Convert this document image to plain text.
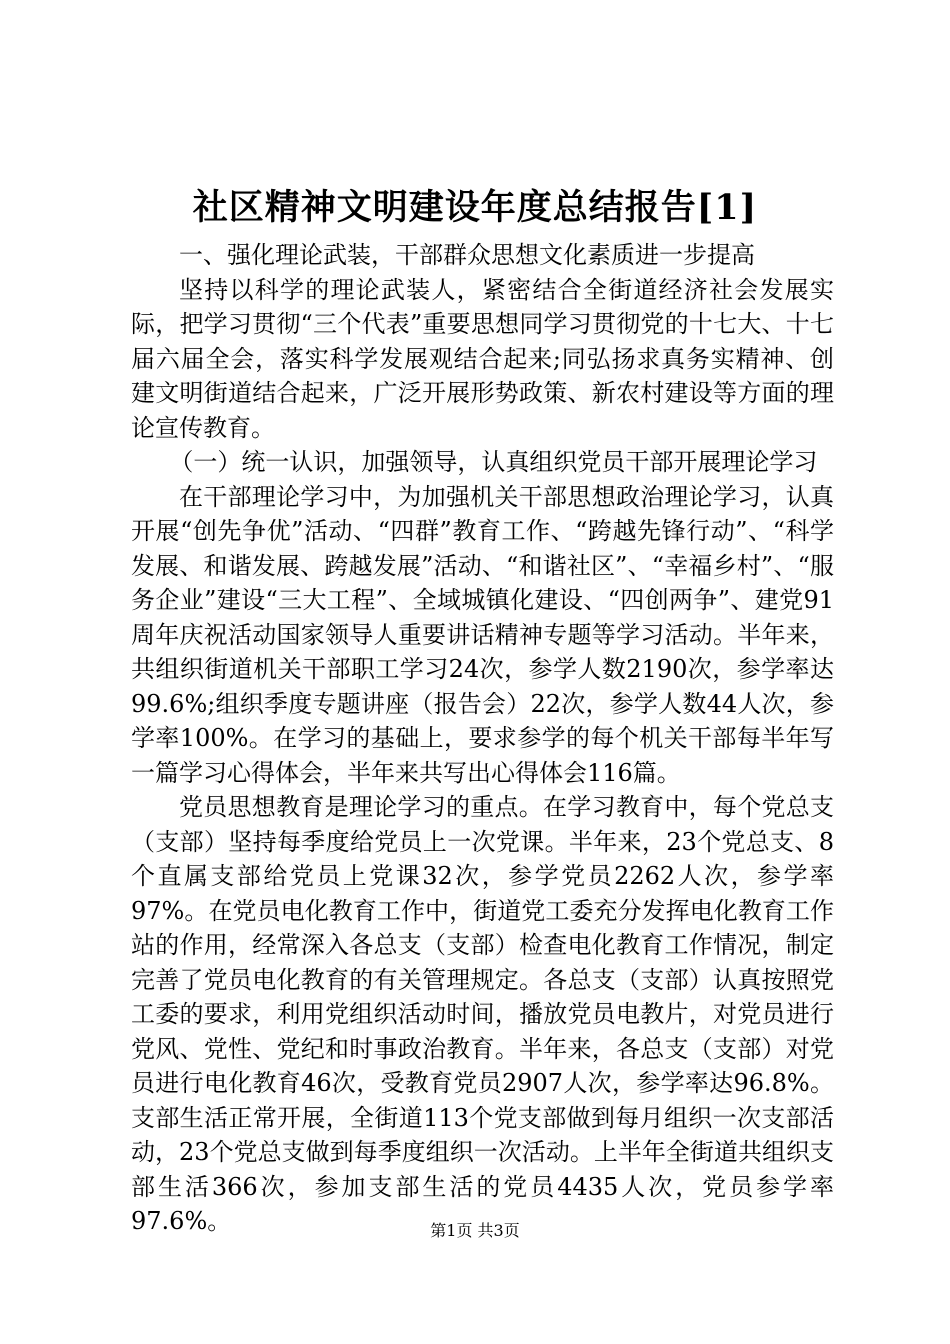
社区精神文明建设年度总结报告[1]

一、强化理论武装，干部群众思想文化素质进一步提高

坚持以科学的理论武装人，紧密结合全街道经济社会发展实际，把学习贯彻“三个代表”重要思想同学习贯彻党的十七大、十七届六届全会，落实科学发展观结合起来;同弘扬求真务实精神、创建文明街道结合起来，广泛开展形势政策、新农村建设等方面的理论宣传教育。

（一）统一认识，加强领导，认真组织党员干部开展理论学习

在干部理论学习中，为加强机关干部思想政治理论学习，认真开展“创先争优”活动、“四群”教育工作、“跨越先锋行动”、“科学发展、和谐发展、跨越发展”活动、“和谐社区”、“幸福乡村”、“服务企业”建设“三大工程”、全域城镇化建设、“四创两争”、建党91周年庆祝活动国家领导人重要讲话精神专题等学习活动。半年来，共组织街道机关干部职工学习24次，参学人数2190次，参学率达99.6%;组织季度专题讲座（报告会）22次，参学人数44人次，参学率100%。在学习的基础上，要求参学的每个机关干部每半年写一篇学习心得体会，半年来共写出心得体会116篇。

党员思想教育是理论学习的重点。在学习教育中，每个党总支（支部）坚持每季度给党员上一次党课。半年来，23个党总支、8个直属支部给党员上党课32次，参学党员2262人次，参学率97%。在党员电化教育工作中，街道党工委充分发挥电化教育工作站的作用，经常深入各总支（支部）检查电化教育工作情况，制定完善了党员电化教育的有关管理规定。各总支（支部）认真按照党工委的要求，利用党组织活动时间，播放党员电教片，对党员进行党风、党性、党纪和时事政治教育。半年来，各总支（支部）对党员进行电化教育46次，受教育党员2907人次，参学率达96.8%。支部生活正常开展，全街道113个党支部做到每月组织一次支部活动，23个党总支做到每季度组织一次活动。上半年全街道共组织支部生活366次，参加支部生活的党员4435人次，党员参学率97.6%。	第1页 共3页
